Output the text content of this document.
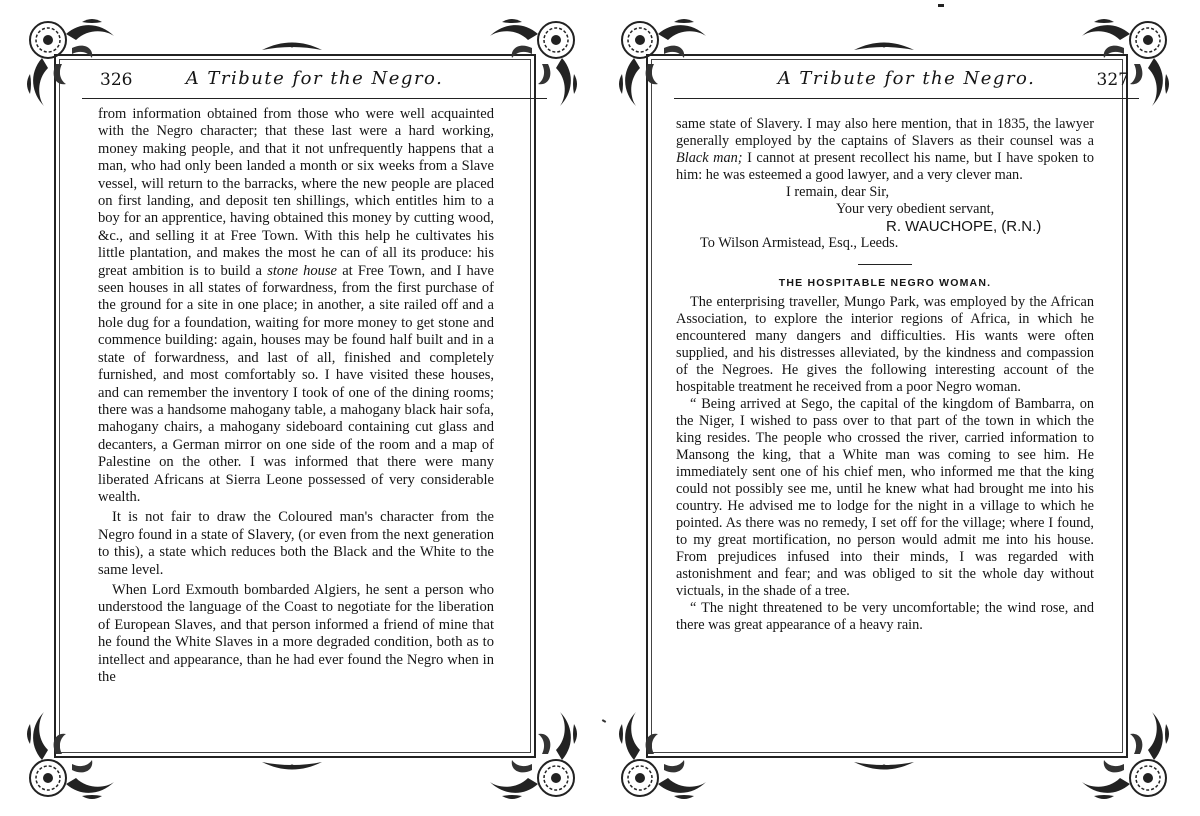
326	A Tribute for the Negro.

from information obtained from those who were well acquainted with the Negro character; that these last were a hard working, money making people, and that it not unfrequently happens that a man, who had only been landed a month or six weeks from a Slave vessel, will return to the barracks, where the new people are placed on first landing, and deposit ten shillings, which entitles him to a boy for an apprentice, having obtained this money by cutting wood, &c., and selling it at Free Town. With this help he cultivates his little plantation, and makes the most he can of all its produce: his great ambition is to build a stone house at Free Town, and I have seen houses in all states of forwardness, from the first purchase of the ground for a site in one place; in another, a site railed off and a hole dug for a foundation, waiting for more money to get stone and commence building: again, houses may be found half built and in a state of forwardness, and last of all, finished and completely furnished, and most comfortably so. I have visited these houses, and can remember the inventory I took of one of the dining rooms; there was a handsome mahogany table, a mahogany black hair sofa, mahogany chairs, a mahogany sideboard containing cut glass and decanters, a German mirror on one side of the room and a map of Palestine on the other. I was informed that there were many liberated Africans at Sierra Leone possessed of very considerable wealth.

It is not fair to draw the Coloured man's character from the Negro found in a state of Slavery, (or even from the next generation to this), a state which reduces both the Black and the White to the same level.

When Lord Exmouth bombarded Algiers, he sent a person who understood the language of the Coast to negotiate for the liberation of European Slaves, and that person informed a friend of mine that he found the White Slaves in a more degraded condition, both as to intellect and appearance, than he had ever found the Negro when in the

A Tribute for the Negro.	327

same state of Slavery. I may also here mention, that in 1835, the lawyer generally employed by the captains of Slavers as their counsel was a Black man; I cannot at present recollect his name, but I have spoken to him: he was esteemed a good lawyer, and a very clever man.

I remain, dear Sir,

Your very obedient servant,

R. WAUCHOPE, (R.N.)

To Wilson Armistead, Esq., Leeds.

THE HOSPITABLE NEGRO WOMAN.

The enterprising traveller, Mungo Park, was employed by the African Association, to explore the interior regions of Africa, in which he encountered many dangers and difficulties. His wants were often supplied, and his distresses alleviated, by the kindness and compassion of the Negroes. He gives the following interesting account of the hospitable treatment he received from a poor Negro woman.

“ Being arrived at Sego, the capital of the kingdom of Bambarra, on the Niger, I wished to pass over to that part of the town in which the king resides. The people who crossed the river, carried information to Mansong the king, that a White man was coming to see him. He immediately sent one of his chief men, who informed me that the king could not possibly see me, until he knew what had brought me into his country. He advised me to lodge for the night in a village to which he pointed. As there was no remedy, I set off for the village; where I found, to my great mortification, no person would admit me into his house. From prejudices infused into their minds, I was regarded with astonishment and fear; and was obliged to sit the whole day without victuals, in the shade of a tree.

“ The night threatened to be very uncomfortable; the wind rose, and there was great appearance of a heavy rain.
